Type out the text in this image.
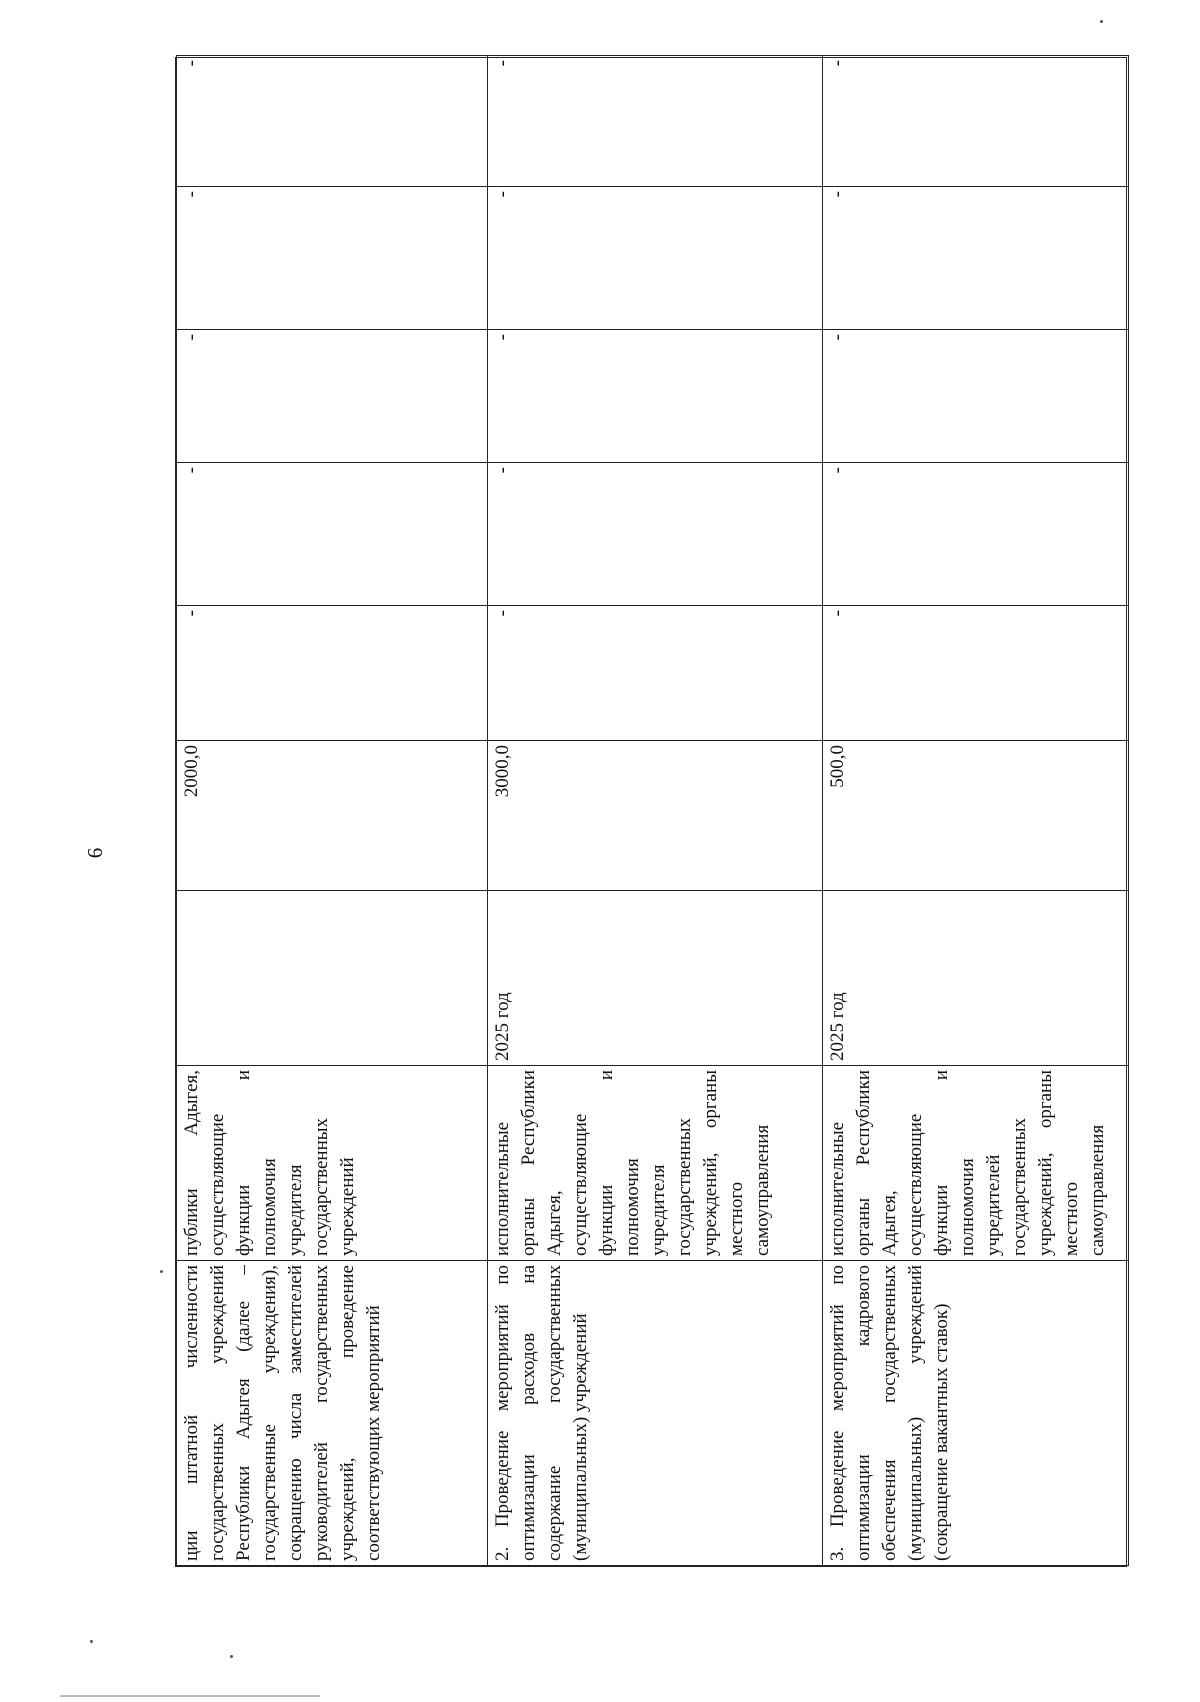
6
ции штатной численности государственных учреждений Республики Адыгея (далее – государственные учреждения), сокращению числа заместителей руководителей государственных учреждений, проведение соответствующих мероприятий	публики Адыгея, осуществляющие функции и полномочия учредителя государственных учреждений		2000,0	-	-	-	-	-
2. Проведение мероприятий по оптимизации расходов на содержание государственных (муниципальных) учреждений	исполнительные органы Республики Адыгея, осуществляющие функции и полномочия учредителя государственных учреждений, органы местного самоуправления	2025 год	3000,0	-	-	-	-	-
3. Проведение мероприятий по оптимизации кадрового обеспечения государственных (муниципальных) учреждений (сокращение вакантных ставок)	исполнительные органы Республики Адыгея, осуществляющие функции и полномочия учредителей государственных учреждений, органы местного самоуправления	2025 год	500,0	-	-	-	-	-
